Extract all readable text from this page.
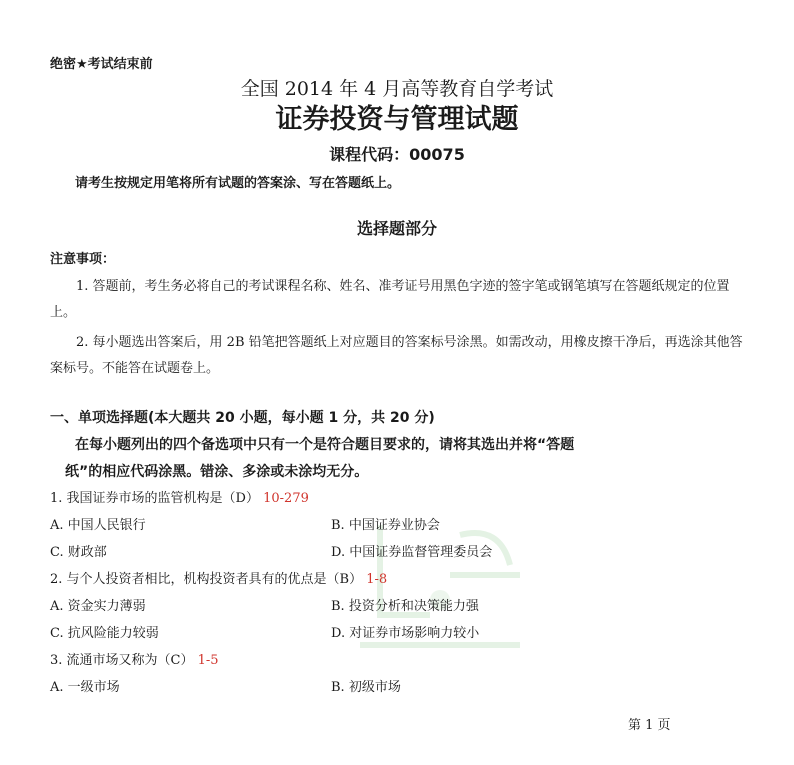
绝密★考试结束前
全国 2014 年 4 月高等教育自学考试
证券投资与管理试题
课程代码：00075
请考生按规定用笔将所有试题的答案涂、写在答题纸上。
选择题部分
注意事项：
1. 答题前，考生务必将自己的考试课程名称、姓名、准考证号用黑色字迹的签字笔或钢笔填写在答题纸规定的位置上。
2. 每小题选出答案后，用 2B 铅笔把答题纸上对应题目的答案标号涂黑。如需改动，用橡皮擦干净后，再选涂其他答案标号。不能答在试题卷上。
一、单项选择题(本大题共 20 小题，每小题 1 分，共 20 分)
在每小题列出的四个备选项中只有一个是符合题目要求的，请将其选出并将“答题
纸”的相应代码涂黑。错涂、多涂或未涂均无分。
1. 我国证券市场的监管机构是（D） 10-279
A. 中国人民银行	B. 中国证券业协会
C. 财政部	D. 中国证券监督管理委员会
2. 与个人投资者相比，机构投资者具有的优点是（B） 1-8
A. 资金实力薄弱	B. 投资分析和决策能力强
C. 抗风险能力较弱	D. 对证券市场影响力较小
3. 流通市场又称为（C） 1-5
A. 一级市场	B. 初级市场
第 1 页
